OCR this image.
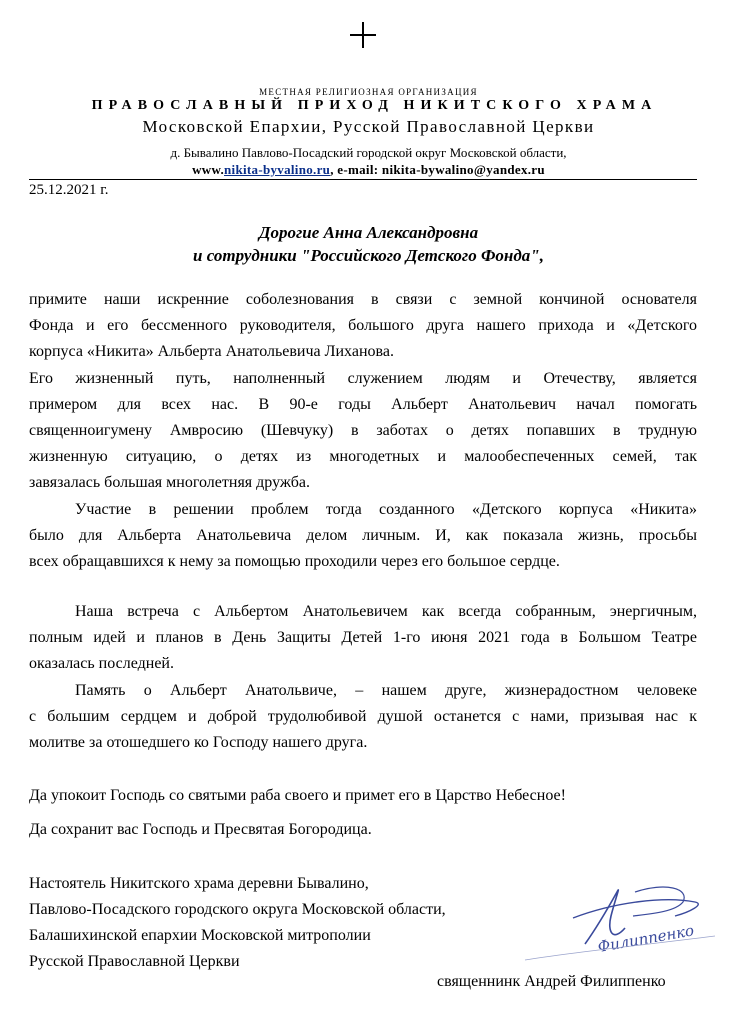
МЕСТНАЯ РЕЛИГИОЗНАЯ ОРГАНИЗАЦИЯ
ПРАВОСЛАВНЫЙ ПРИХОД НИКИТСКОГО ХРАМА
Московской Епархии, Русской Православной Церкви
д. Бывалино Павлово-Посадский городской округ Московской области,
www.nikita-byvalino.ru, e-mail: nikita-bywalino@yandex.ru
25.12.2021 г.
Дорогие Анна Александровна
и сотрудники "Российского Детского Фонда",
примите наши искренние соболезнования в связи с земной кончиной основателя
Фонда и его бессменного руководителя, большого друга нашего прихода и «Детского
корпуса «Никита» Альберта Анатольевича Лиханова.
Его жизненный путь, наполненный служением людям и Отечеству, является
примером для всех нас. В 90-е годы Альберт Анатольевич начал помогать
священноигумену Амвросию (Шевчуку) в заботах о детях попавших в трудную
жизненную ситуацию, о детях из многодетных и малообеспеченных семей, так
завязалась большая многолетняя дружба.
Участие в решении проблем тогда созданного «Детского корпуса «Никита»
было для Альберта Анатольевича делом личным. И, как показала жизнь, просьбы
всех обращавшихся к нему за помощью проходили через его большое сердце.
Наша встреча с Альбертом Анатольевичем как всегда собранным, энергичным,
полным идей и планов в День Защиты Детей 1-го июня 2021 года в Большом Театре
оказалась последней.
Память о Альберт Анатольвиче, – нашем друге, жизнерадостном человеке
с большим сердцем и доброй трудолюбивой душой останется с нами, призывая нас к
молитве за отошедшего ко Господу нашего друга.
Да упокоит Господь со святыми раба своего и примет его в Царство Небесное!
Да сохранит вас Господь и Пресвятая Богородица.
Настоятель Никитского храма деревни Бывалино,
Павлово-Посадского городского округа Московской области,
Балашихинской епархии Московской митрополии
Русской Православной Церкви
Филиппенко
священнинк Андрей Филиппенко
